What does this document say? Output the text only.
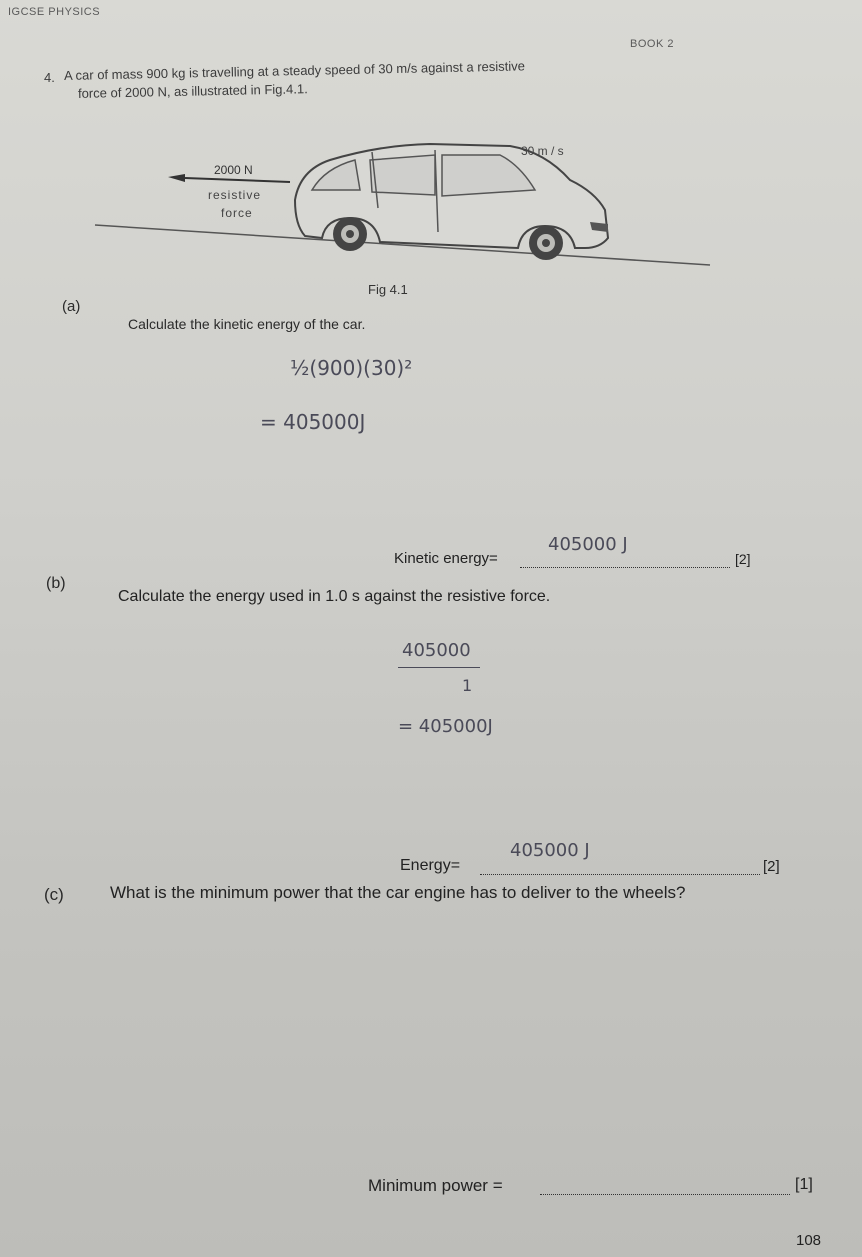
IGCSE PHYSICS
BOOK 2
4. A car of mass 900 kg is travelling at a steady speed of 30 m/s against a resistive
force of 2000 N, as illustrated in Fig.4.1.
30 m / s
2000 N
resistive
force
Fig 4.1
(a)
Calculate the kinetic energy of the car.
½(900)(30)²
= 405000J
Kinetic energy=
405000 J
[2]
(b)
Calculate the energy used in 1.0 s against the resistive force.
405000
1
= 405000J
Energy=
405000 J
[2]
(c)	What is the minimum power that the car engine has to deliver to the wheels?
Minimum power =	[1]
108
